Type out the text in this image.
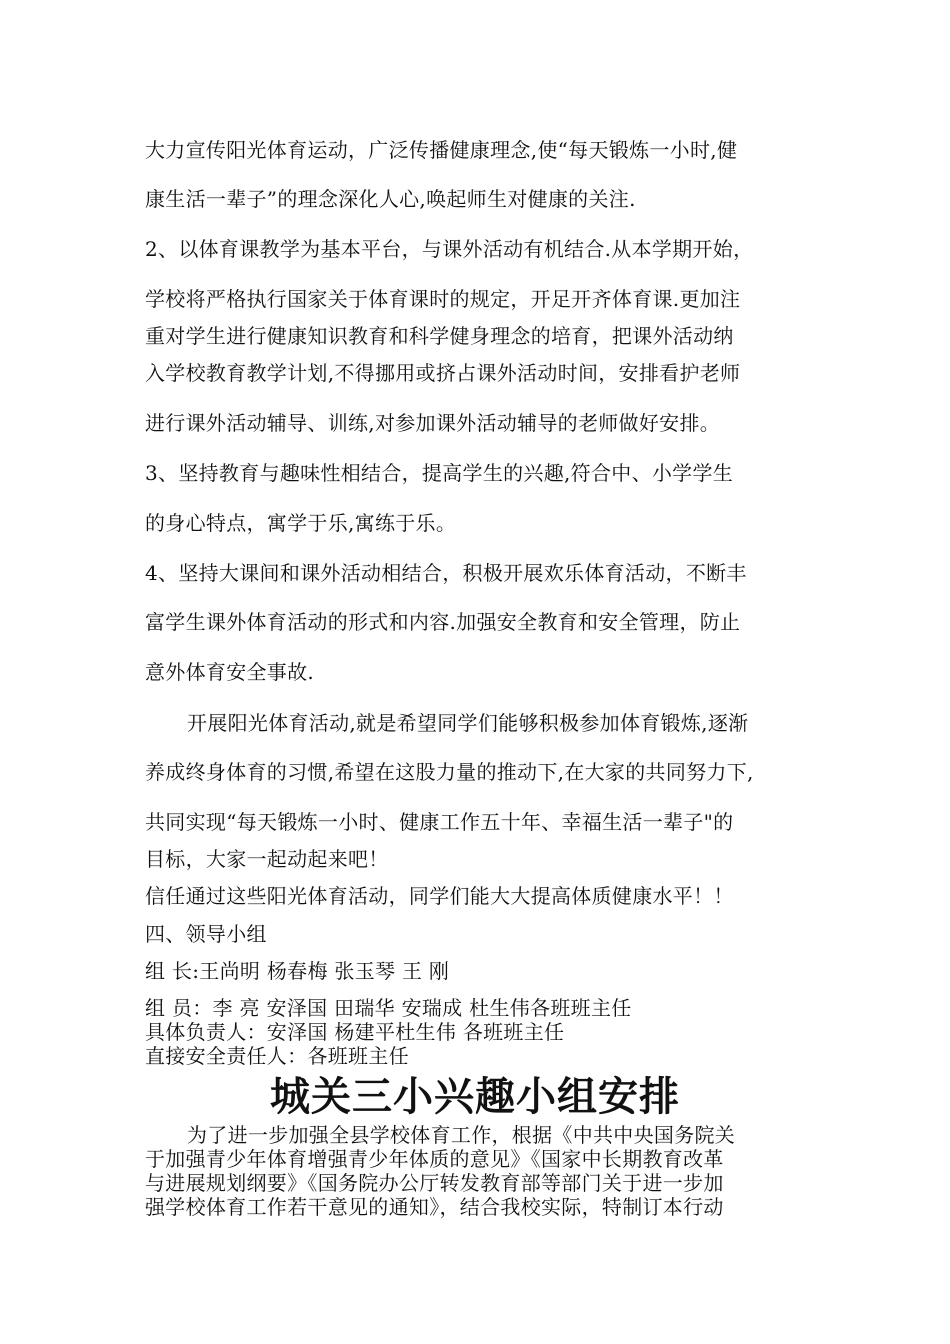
大力宣传阳光体育运动，广泛传播健康理念,使“每天锻炼一小时,健
康生活一辈子”的理念深化人心,唤起师生对健康的关注.
2、以体育课教学为基本平台，与课外活动有机结合.从本学期开始，
学校将严格执行国家关于体育课时的规定，开足开齐体育课.更加注
重对学生进行健康知识教育和科学健身理念的培育，把课外活动纳
入学校教育教学计划,不得挪用或挤占课外活动时间，安排看护老师
进行课外活动辅导、训练,对参加课外活动辅导的老师做好安排。
3、坚持教育与趣味性相结合，提高学生的兴趣,符合中、小学学生
的身心特点，寓学于乐,寓练于乐。
4、坚持大课间和课外活动相结合，积极开展欢乐体育活动，不断丰
富学生课外体育活动的形式和内容.加强安全教育和安全管理，防止
意外体育安全事故.
开展阳光体育活动,就是希望同学们能够积极参加体育锻炼,逐渐
养成终身体育的习惯,希望在这股力量的推动下,在大家的共同努力下,
共同实现“每天锻炼一小时、健康工作五十年、幸福生活一辈子"的
目标，大家一起动起来吧！
信任通过这些阳光体育活动，同学们能大大提高体质健康水平！！
四、领导小组
组 长:王尚明 杨春梅 张玉琴 王 刚
组 员：李 亮 安泽国 田瑞华 安瑞成 杜生伟各班班主任
具体负责人：安泽国 杨建平杜生伟 各班班主任
直接安全责任人：各班班主任
城关三小兴趣小组安排
为了进一步加强全县学校体育工作，根据《中共中央国务院关
于加强青少年体育增强青少年体质的意见》《国家中长期教育改革
与进展规划纲要》《国务院办公厅转发教育部等部门关于进一步加
强学校体育工作若干意见的通知》，结合我校实际，特制订本行动
